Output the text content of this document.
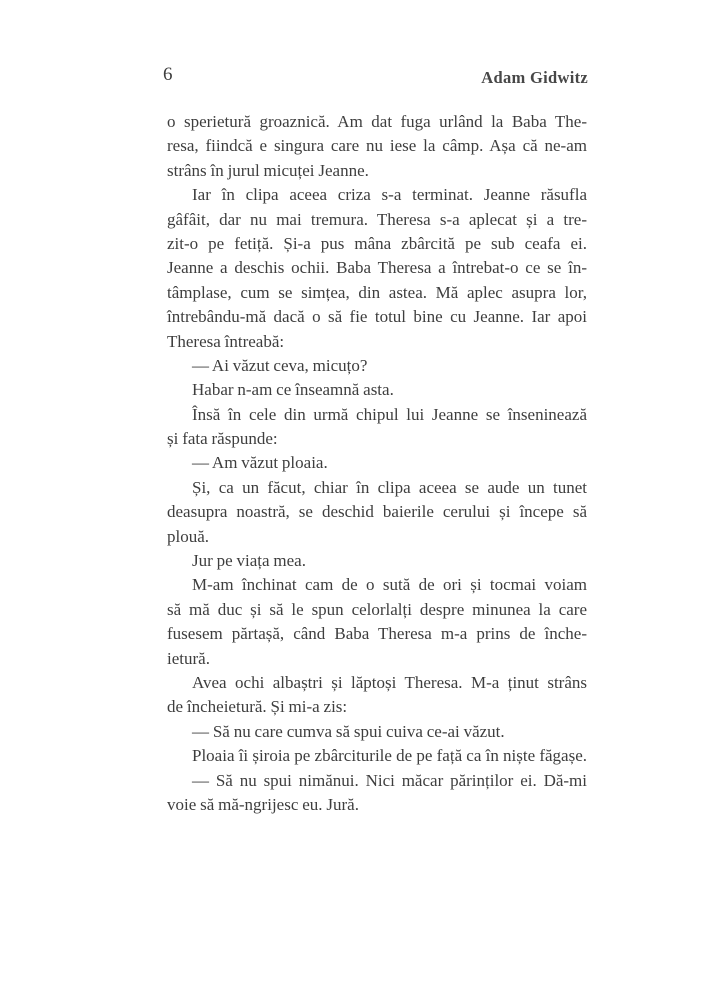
6	Adam Gidwitz
o sperietură groaznică. Am dat fuga urlând la Baba The-
resa, fiindcă e singura care nu iese la câmp. Așa că ne-am
strâns în jurul micuței Jeanne.
Iar în clipa aceea criza s-a terminat. Jeanne răsufla
gâfâit, dar nu mai tremura. Theresa s-a aplecat și a tre-
zit-o pe fetiță. Și-a pus mâna zbârcită pe sub ceafa ei.
Jeanne a deschis ochii. Baba Theresa a întrebat-o ce se în-
tâmplase, cum se simțea, din astea. Mă aplec asupra lor,
întrebându-mă dacă o să fie totul bine cu Jeanne. Iar apoi
Theresa întreabă:
— Ai văzut ceva, micuțo?
Habar n-am ce înseamnă asta.
Însă în cele din urmă chipul lui Jeanne se înseninează
și fata răspunde:
— Am văzut ploaia.
Și, ca un făcut, chiar în clipa aceea se aude un tunet
deasupra noastră, se deschid baierile cerului și începe să
plouă.
Jur pe viața mea.
M-am închinat cam de o sută de ori și tocmai voiam
să mă duc și să le spun celorlalți despre minunea la care
fusesem părtașă, când Baba Theresa m-a prins de înche-
ietură.
Avea ochi albaștri și lăptoși Theresa. M-a ținut strâns
de încheietură. Și mi-a zis:
— Să nu care cumva să spui cuiva ce-ai văzut.
Ploaia îi șiroia pe zbârciturile de pe față ca în niște făgașe.
— Să nu spui nimănui. Nici măcar părinților ei. Dă-mi
voie să mă-ngrijesc eu. Jură.
